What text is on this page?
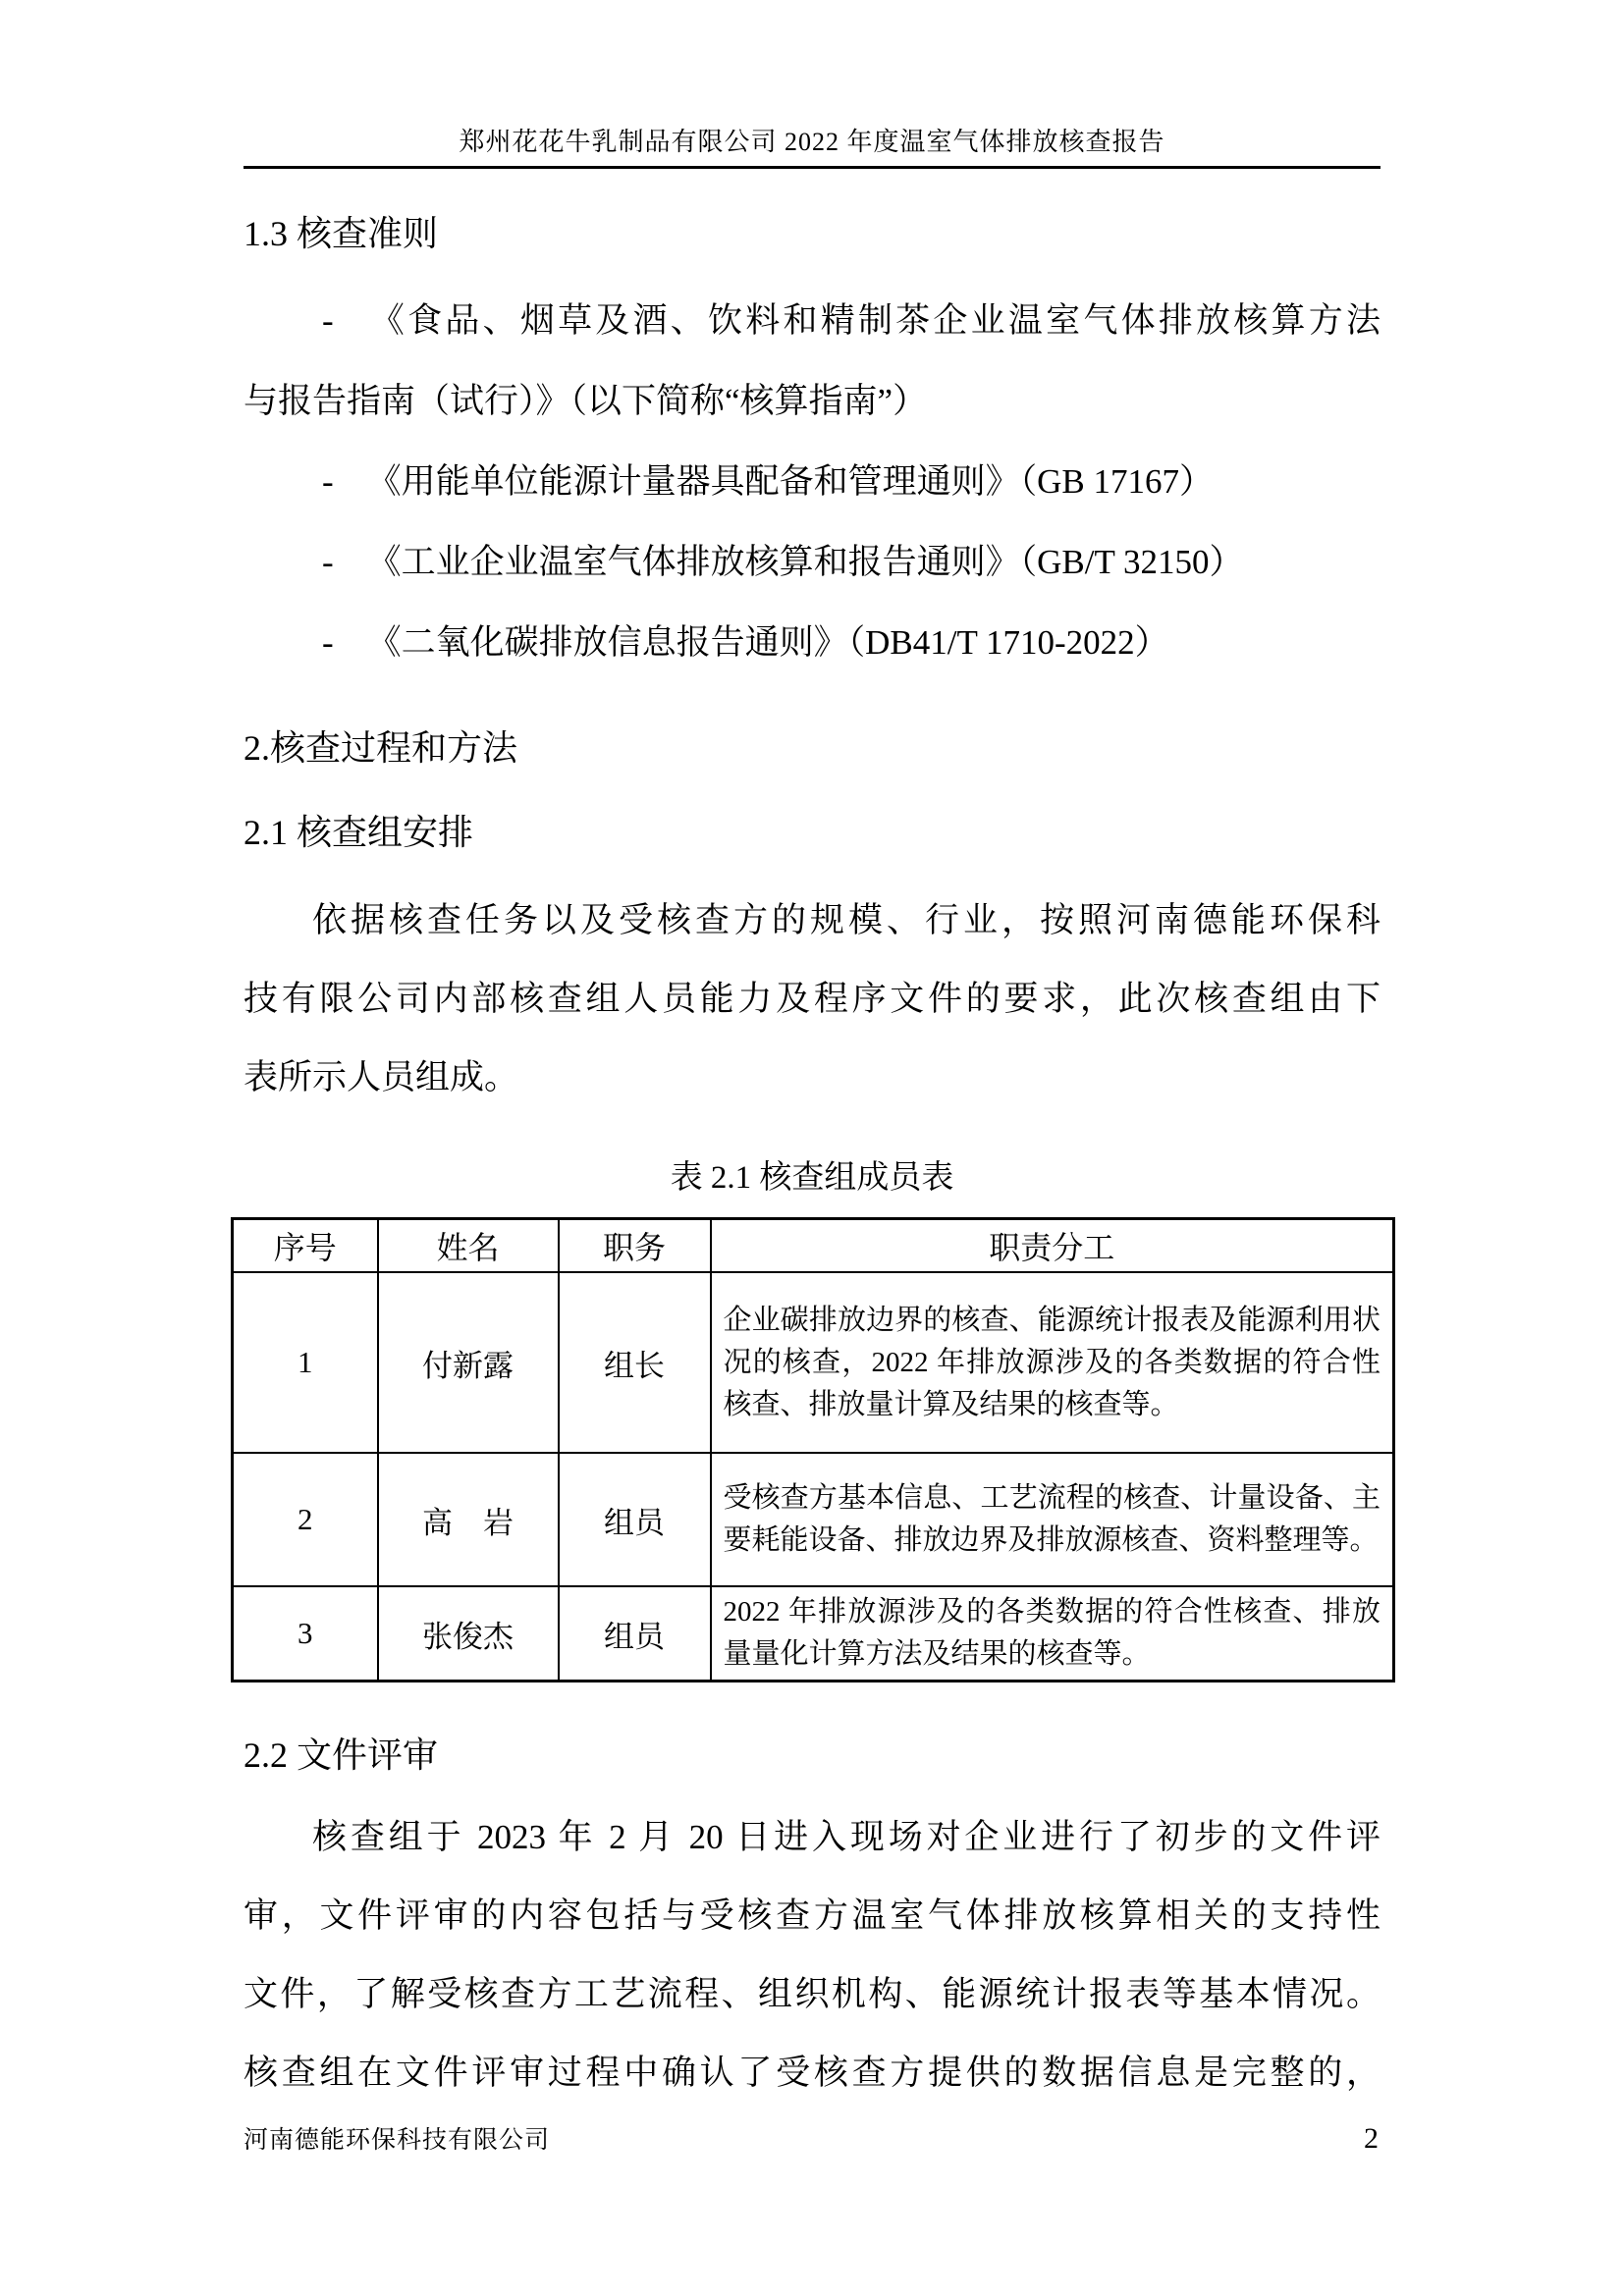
郑州花花牛乳制品有限公司 2022 年度温室气体排放核查报告
1.3 核查准则
- 《食品、烟草及酒、饮料和精制茶企业温室气体排放核算方法
与报告指南（试行）》（以下简称“核算指南”）
- 《用能单位能源计量器具配备和管理通则》（GB 17167）
- 《工业企业温室气体排放核算和报告通则》（GB/T 32150）
- 《二氧化碳排放信息报告通则》（DB41/T 1710-2022）
2.核查过程和方法
2.1 核查组安排
依据核查任务以及受核查方的规模、行业，按照河南德能环保科
技有限公司内部核查组人员能力及程序文件的要求，此次核查组由下
表所示人员组成。
表 2.1 核查组成员表
序号	姓名	职务	职责分工
1	付新露	组长	企业碳排放边界的核查、能源统计报表及能源利用状况的核查，2022 年排放源涉及的各类数据的符合性核查、排放量计算及结果的核查等。
2	高　岩	组员	受核查方基本信息、工艺流程的核查、计量设备、主要耗能设备、排放边界及排放源核查、资料整理等。
3	张俊杰	组员	2022 年排放源涉及的各类数据的符合性核查、排放量量化计算方法及结果的核查等。
2.2 文件评审
核查组于 2023 年 2 月 20 日进入现场对企业进行了初步的文件评
审，文件评审的内容包括与受核查方温室气体排放核算相关的支持性
文件，了解受核查方工艺流程、组织机构、能源统计报表等基本情况。
核查组在文件评审过程中确认了受核查方提供的数据信息是完整的，
河南德能环保科技有限公司	2
